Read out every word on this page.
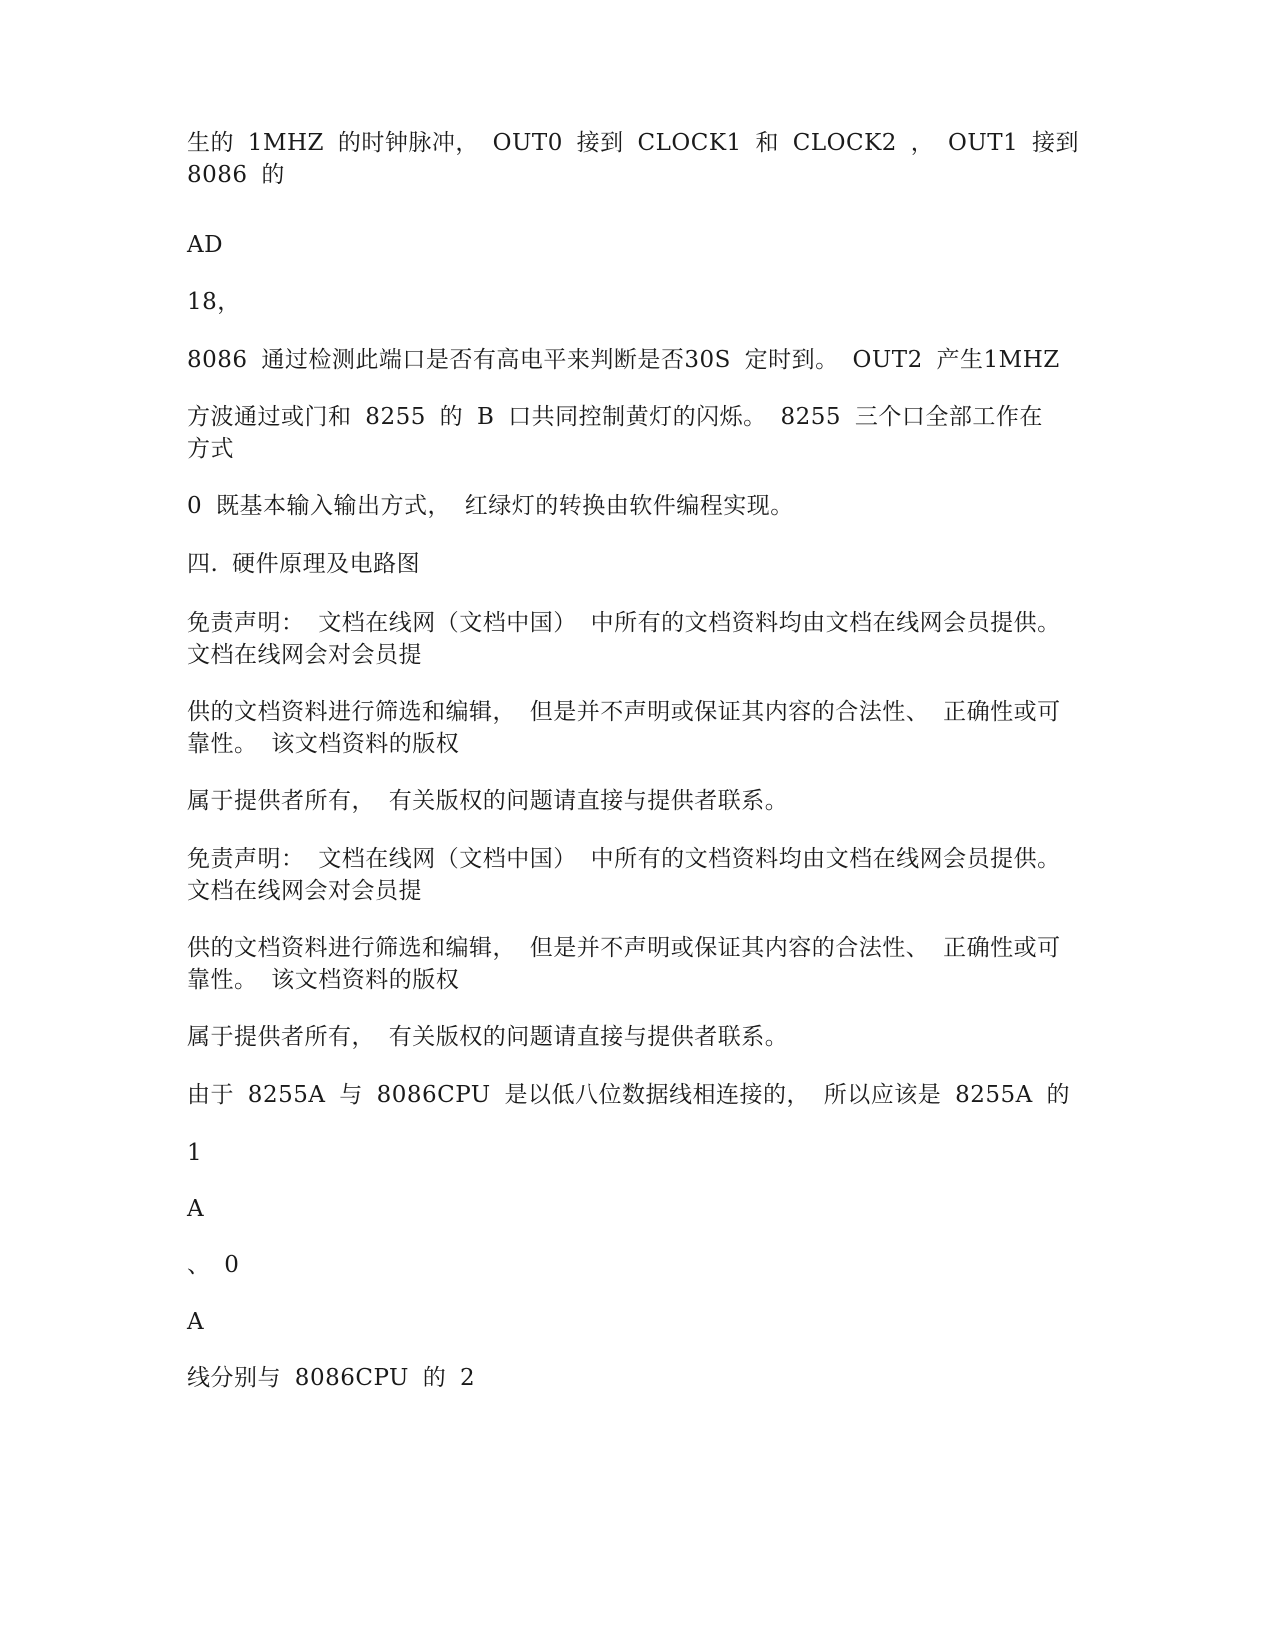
生的 1MHZ 的时钟脉冲， OUT0 接到 CLOCK1 和 CLOCK2 ， OUT1 接到 8086 的

AD

18，

8086 通过检测此端口是否有高电平来判断是否30S 定时到。 OUT2 产生1MHZ

方波通过或门和 8255 的 B 口共同控制黄灯的闪烁。 8255 三个口全部工作在方式

0 既基本输入输出方式， 红绿灯的转换由软件编程实现。

四. 硬件原理及电路图

免责声明： 文档在线网（文档中国） 中所有的文档资料均由文档在线网会员提供。文档在线网会对会员提

供的文档资料进行筛选和编辑， 但是并不声明或保证其内容的合法性、 正确性或可靠性。 该文档资料的版权

属于提供者所有， 有关版权的问题请直接与提供者联系。

免责声明： 文档在线网（文档中国） 中所有的文档资料均由文档在线网会员提供。文档在线网会对会员提

供的文档资料进行筛选和编辑， 但是并不声明或保证其内容的合法性、 正确性或可靠性。 该文档资料的版权

属于提供者所有， 有关版权的问题请直接与提供者联系。

由于 8255A 与 8086CPU 是以低八位数据线相连接的， 所以应该是 8255A 的

1

A

、 0

A

线分别与 8086CPU 的 2
